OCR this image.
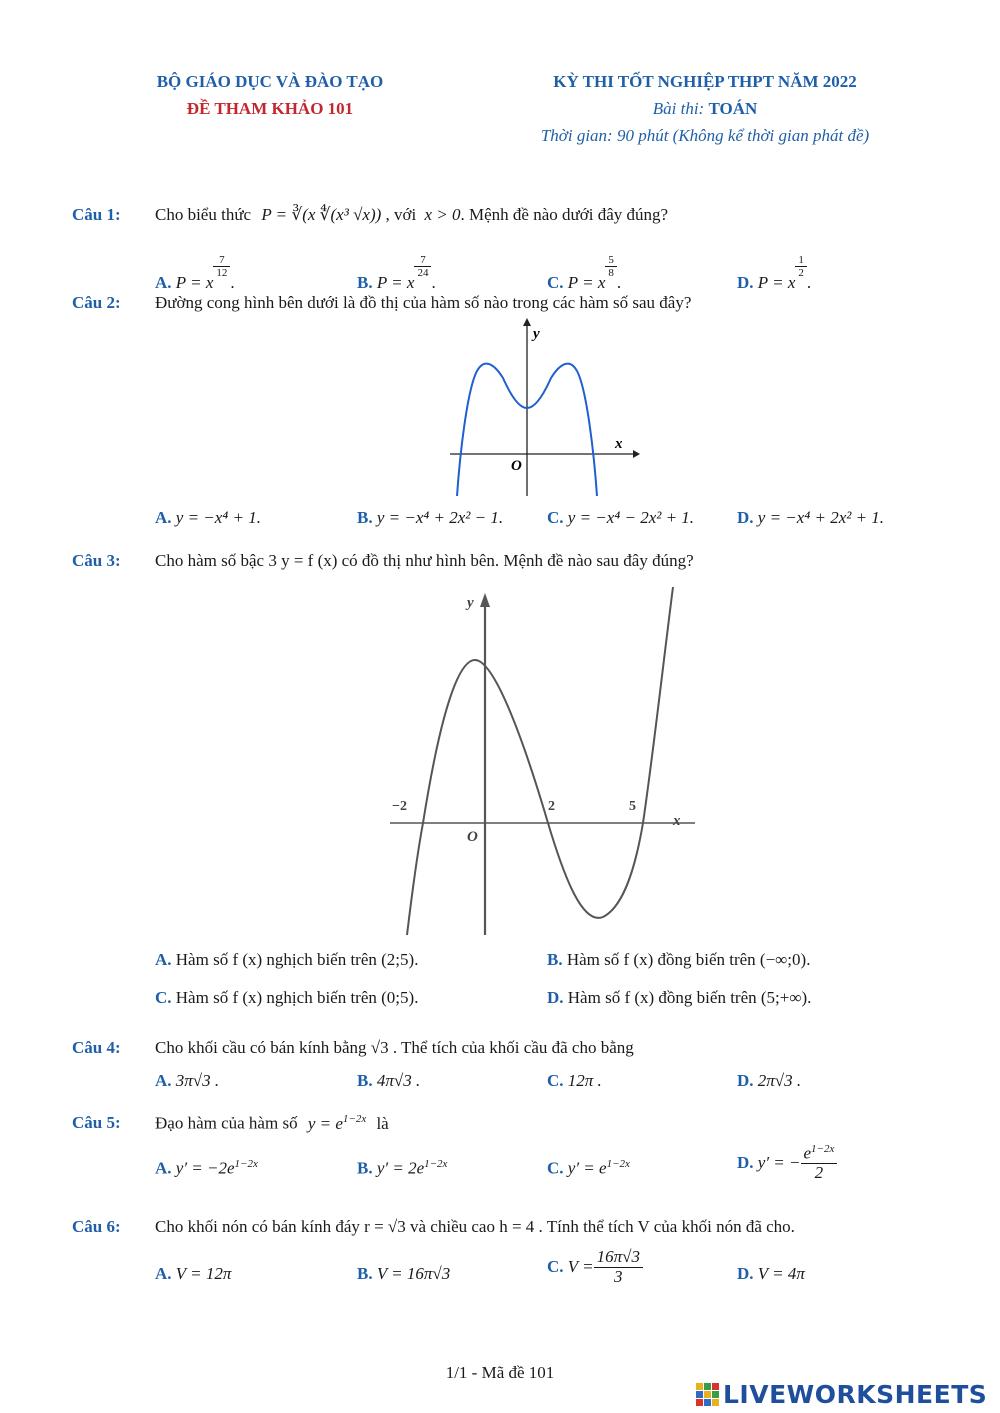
BỘ GIÁO DỤC VÀ ĐÀO TẠO
ĐỀ THAM KHẢO 101
KỲ THI TỐT NGHIỆP THPT NĂM 2022
Bài thi: TOÁN
Thời gian: 90 phút (Không kể thời gian phát đề)
Câu 1: Cho biểu thức P = ∛(x ∜(x³ √x)) , với x > 0. Mệnh đề nào dưới đây đúng?
A. P = x
$\frac{7}{12}$
.	B. P = x
$\frac{7}{24}$
.	C. P = x
$\frac{5}{8}$
.	D. P = x
$\frac{1}{2}$
.
Câu 2: Đường cong hình bên dưới là đồ thị của hàm số nào trong các hàm số sau đây?
y
x
O
A. y = −x⁴ + 1.	B. y = −x⁴ + 2x² − 1.	C. y = −x⁴ − 2x² + 1.	D. y = −x⁴ + 2x² + 1.
Câu 3: Cho hàm số bậc 3 y = f (x) có đồ thị như hình bên. Mệnh đề nào sau đây đúng?
y
x
O
−2	2	5
A. Hàm số f (x) nghịch biến trên (2;5).	B. Hàm số f (x) đồng biến trên (−∞;0).
C. Hàm số f (x) nghịch biến trên (0;5).	D. Hàm số f (x) đồng biến trên (5;+∞).
Câu 4: Cho khối cầu có bán kính bằng √3 . Thể tích của khối cầu đã cho bằng
A. 3π√3 .	B. 4π√3 .	C. 12π .	D. 2π√3 .
Câu 5: Đạo hàm của hàm số $y = e^{1-2x}$ là
A. $y' = -2e^{1-2x}$	B. $y' = 2e^{1-2x}$	C. $y' = e^{1-2x}$	D. y′ = − $\frac{e^{1-2x}}{2}$
Câu 6: Cho khối nón có bán kính đáy r = √3 và chiều cao h = 4 . Tính thể tích V của khối nón đã cho.
A. V = 12π	B. V = 16π√3	C. $V = \frac{16\pi√3}{3}$	D. V = 4π
1/1 - Mã đề 101
LIVEWORKSHEETS
